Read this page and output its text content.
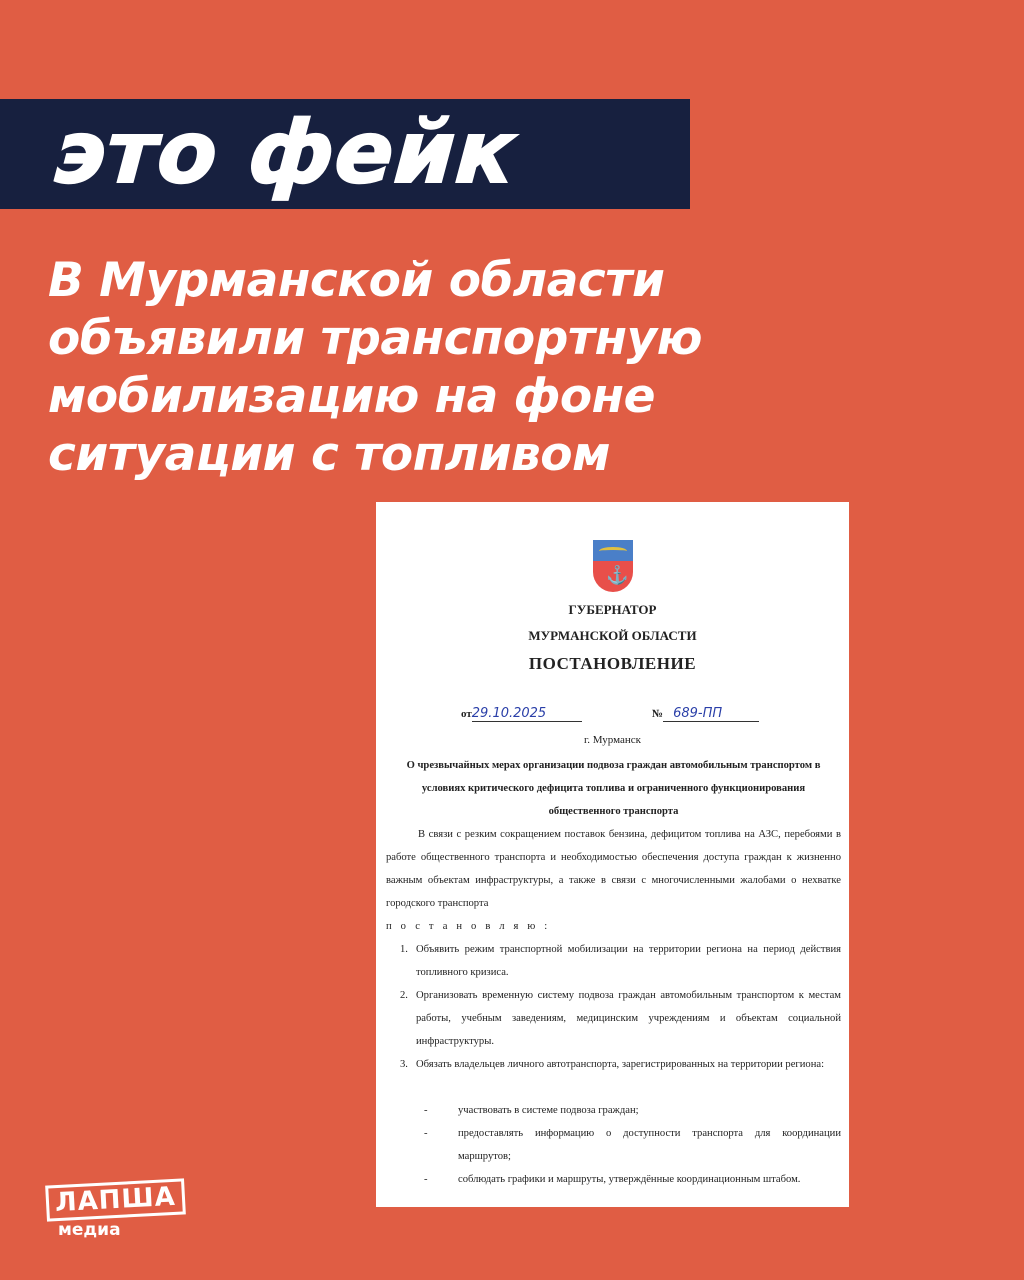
это фейк
В Мурманской области
объявили транспортную
мобилизацию на фоне
ситуации с топливом
⚓
ГУБЕРНАТОР
МУРМАНСКОЙ ОБЛАСТИ
ПОСТАНОВЛЕНИЕ
от29.10.2025	№ 689-ПП
г. Мурманск
О чрезвычайных мерах организации подвоза граждан автомобильным транспортом в условиях критического дефицита топлива и ограниченного функционирования общественного транспорта
В связи с резким сокращением поставок бензина, дефицитом топлива на АЗС, перебоями в работе общественного транспорта и необходимостью обеспечения доступа граждан к жизненно важным объектам инфраструктуры, а также в связи с многочисленными жалобами о нехватке городского транспорта
постановляю:
1. Объявить режим транспортной мобилизации на территории региона на период действия топливного кризиса.
2. Организовать временную систему подвоза граждан автомобильным транспортом к местам работы, учебным заведениям, медицинским учреждениям и объектам социальной инфраструктуры.
3. Обязать владельцев личного автотранспорта, зарегистрированных на территории региона:
-	участвовать в системе подвоза граждан;
-	предоставлять информацию о доступности транспорта для координации маршрутов;
-	соблюдать графики и маршруты, утверждённые координационным штабом.
ЛАПША
медиа
